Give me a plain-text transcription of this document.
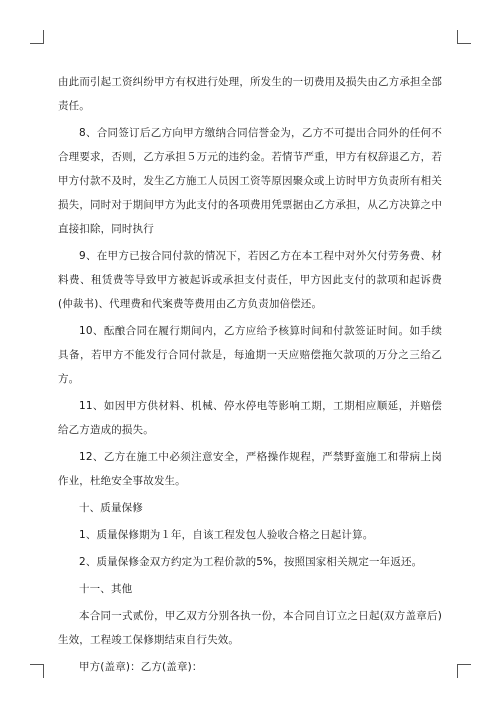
由此而引起工资纠纷甲方有权进行处理，所发生的一切费用及损失由乙方承担全部责任。

8、合同签订后乙方向甲方缴纳合同信誉金为，乙方不可提出合同外的任何不合理要求，否则，乙方承担５万元的违约金。若情节严重，甲方有权辞退乙方，若甲方付款不及时，发生乙方施工人员因工资等原因聚众或上访时甲方负责所有相关损失，同时对于期间甲方为此支付的各项费用凭票据由乙方承担，从乙方决算之中直接扣除，同时执行

9、在甲方已按合同付款的情况下，若因乙方在本工程中对外欠付劳务费、材料费、租赁费等导致甲方被起诉或承担支付责任，甲方因此支付的款项和起诉费(仲裁书)、代理费和代案费等费用由乙方负责加倍偿还。

10、酝酿合同在履行期间内，乙方应给予核算时间和付款签证时间。如手续具备，若甲方不能发行合同付款是，每逾期一天应赔偿拖欠款项的万分之三给乙方。

11、如因甲方供材料、机械、停水停电等影响工期，工期相应顺延，并赔偿给乙方造成的损失。

12、乙方在施工中必须注意安全，严格操作规程，严禁野蛮施工和带病上岗作业，杜绝安全事故发生。

十、质量保修

1、质量保修期为１年，自该工程发包人验收合格之日起计算。

2、质量保修金双方约定为工程价款的5%，按照国家相关规定一年返还。

十一、其他

本合同一式贰份，甲乙双方分别各执一份，本合同自订立之日起(双方盖章后)生效，工程竣工保修期结束自行失效。

甲方(盖章)：乙方(盖章)：
